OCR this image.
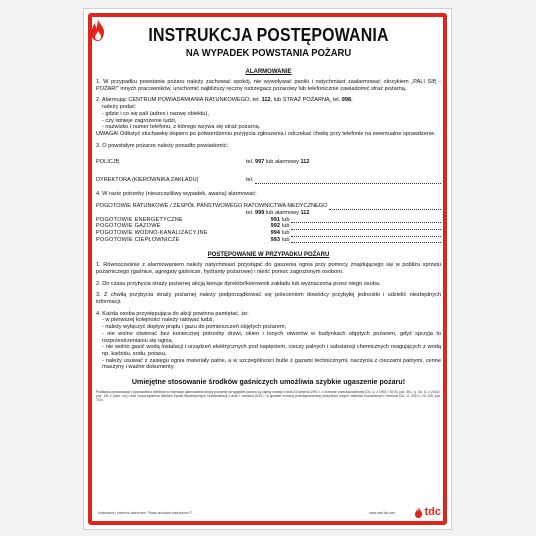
INSTRUKCJA POSTĘPOWANIA
NA WYPADEK POWSTANIA POŻARU
ALARMOWANIE

1. W przypadku powstania pożaru należy zachować spokój, nie wywoływać paniki i natychmiast zaalarmować okrzykiem „PALI SIĘ - POŻAR!" innych pracowników, uruchomić najbliższy ręczny ostrzegacz pożarowy lub telefonicznie zawiadomić straż pożarną.

2. Alarmując CENTRUM POWIADAMIANIA RATUNKOWEGO, tel. 112, lub STRAŻ POŻARNĄ, tel. 998,

należy podać:

- gdzie i co się pali (adres i nazwę obiektu),

- czy istnieje zagrożenie ludzi,

- nazwisko i numer telefonu, z którego wzywa się straż pożarną.

UWAGA! Odłożyć słuchawkę dopiero po potwierdzeniu przyjęcia zgłoszenia i odczekać chwilę przy telefonie na ewentualne sprawdzenie.

3. O powstałym pożarze należy ponadto powiadomić:

POLICJĘ	tel. 997 lub alarmowy 112
DYREKTORA (KIEROWNIKA ZAKŁADU)	tel.

4. W razie potrzeby (nieszczęśliwy wypadek, awaria) alarmować:

POGOTOWIE RATUNKOWE / ZESPÓŁ PAŃSTWOWEGO RATOWNICTWA MEDYCZNEGO

tel. 999 lub alarmowy 112

POGOTOWIE ENERGETYCZNE	991 lub
POGOTOWIE GAZOWE	992 lub
POGOTOWIE WODNO-KANALIZACYJNE	994 lub
POGOTOWIE CIEPŁOWNICZE	993 lub
POSTĘPOWANIE W PRZYPADKU POŻARU

1. Równocześnie z alarmowaniem należy natychmiast przystąpić do gaszenia ognia przy pomocy znajdującego się w pobliżu sprzętu pożarniczego (gaśnice, agregaty gaśnicze, hydranty pożarowe) i nieść pomoc zagrożonym osobom.

2. Do czasu przybycia straży pożarnej akcją kieruje dyrektor/kierownik zakładu lub wyznaczona przez niego osoba.

3. Z chwilą przybycia straży pożarnej należy podporządkować się poleceniom dowódcy przybyłej jednostki i udzielić niezbędnych informacji.

4. Każda osoba przystępująca do akcji powinna pamiętać, że:

- w pierwszej kolejności należy ratować ludzi,

- należy wyłączyć dopływ prądu i gazu do pomieszczeń objętych pożarem,

- nie wolno otwierać bez koniecznej potrzeby drzwi, okien i innych otworów w budynkach objętych pożarem, gdyż sprzyja to rozprzestrzenianiu się ognia,

- nie wolno gasić wodą instalacji i urządzeń elektrycznych pod napięciem, cieczy palnych i substancji chemicznych reagujących z wodą np. karbidu, sodu, potasu,

- należy usuwać z zasięgu ognia materiały palne, a w szczególności butle z gazami technicznymi, naczynia z cieczami palnymi, cenne maszyny i ważne dokumenty.

Umiejętne stosowanie środków gaśniczych umożliwia szybkie ugaszenie pożaru!
Podstawą opracowania i wyposażenia obiektów w instrukcje alarmowania straży pożarnej na wypadek pożaru są zapisy ustawy z dnia 24 sierpnia 1991 r. o ochronie przeciwpożarowej (Dz. U. z 1991 r. Nr 81 poz. 351, t.j. Dz. U. z 2016 r. poz. 191 z późn. zm.) oraz rozporządzenia Ministra Spraw Wewnętrznych i Administracji z dnia 7 czerwca 2010 r. w sprawie ochrony przeciwpożarowej budynków, innych obiektów budowlanych i terenów (Dz. U. 2010 r. Nr 109, poz. 719).
Kopiowanie i przedruk zabronione. Prawa autorskie zastrzeżone ©.	www.mali-tdc.com	tdc
